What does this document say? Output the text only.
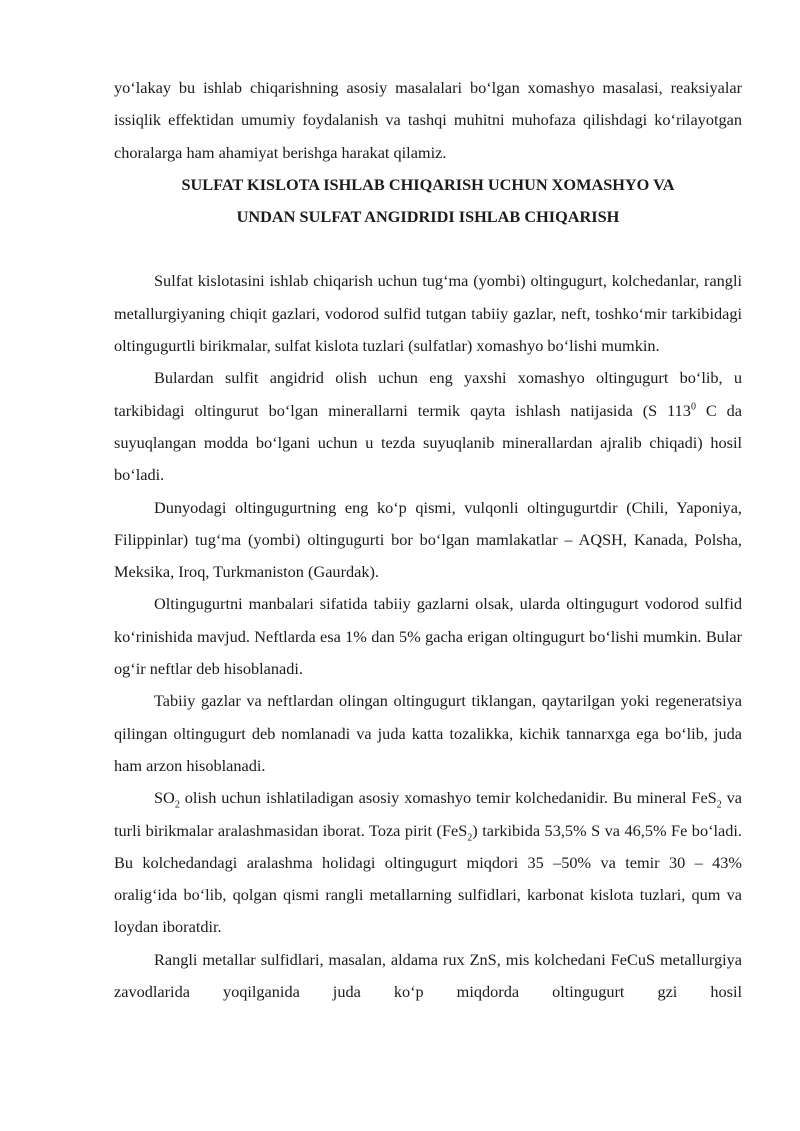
yoʻlakay bu ishlab chiqarishning asosiy masalalari boʻlgan xomashyo masalasi, reaksiyalar issiqlik effektidan umumiy foydalanish va tashqi muhitni muhofaza qilishdagi koʻrilayotgan choralarga ham ahamiyat berishga harakat qilamiz.

SULFAT KISLOTA ISHLAB CHIQARISH UCHUN XOMASHYO VA

UNDAN SULFAT ANGIDRIDI ISHLAB CHIQARISH

Sulfat kislotasini ishlab chiqarish uchun tugʻma (yombi) oltingugurt, kolchedanlar, rangli metallurgiyaning chiqit gazlari, vodorod sulfid tutgan tabiiy gazlar, neft, toshkoʻmir tarkibidagi oltingugurtli birikmalar, sulfat kislota tuzlari (sulfatlar) xomashyo boʻlishi mumkin.

Bulardan sulfit angidrid olish uchun eng yaxshi xomashyo oltingugurt boʻlib, u tarkibidagi oltingurut boʻlgan minerallarni termik qayta ishlash natijasida (S $113^0$ C da suyuqlangan modda boʻlgani uchun u tezda suyuqlanib minerallardan ajralib chiqadi) hosil boʻladi.

Dunyodagi oltingugurtning eng koʻp qismi, vulqonli oltingugurtdir (Chili, Yaponiya, Filippinlar) tugʻma (yombi) oltingugurti bor boʻlgan mamlakatlar – AQSH, Kanada, Polsha, Meksika, Iroq, Turkmaniston (Gaurdak).

Oltingugurtni manbalari sifatida tabiiy gazlarni olsak, ularda oltingugurt vodorod sulfid koʻrinishida mavjud. Neftlarda esa 1% dan 5% gacha erigan oltingugurt boʻlishi mumkin. Bular ogʻir neftlar deb hisoblanadi.

Tabiiy gazlar va neftlardan olingan oltingugurt tiklangan, qaytarilgan yoki regeneratsiya qilingan oltingugurt deb nomlanadi va juda katta tozalikka, kichik tannarxga ega boʻlib, juda ham arzon hisoblanadi.

$SO_2$ olish uchun ishlatiladigan asosiy xomashyo temir kolchedanidir. Bu mineral FeS$_2$ va turli birikmalar aralashmasidan iborat. Toza pirit (FeS$_2$) tarkibida 53,5% S va 46,5% Fe boʻladi. Bu kolchedandagi aralashma holidagi oltingugurt miqdori 35 –50% va temir 30 – 43% oraligʻida boʻlib, qolgan qismi rangli metallarning sulfidlari, karbonat kislota tuzlari, qum va loydan iboratdir.

Rangli metallar sulfidlari, masalan, aldama rux ZnS, mis kolchedani FeCuS metallurgiya zavodlarida yoqilganida juda koʻp miqdorda oltingugurt gzi hosil
